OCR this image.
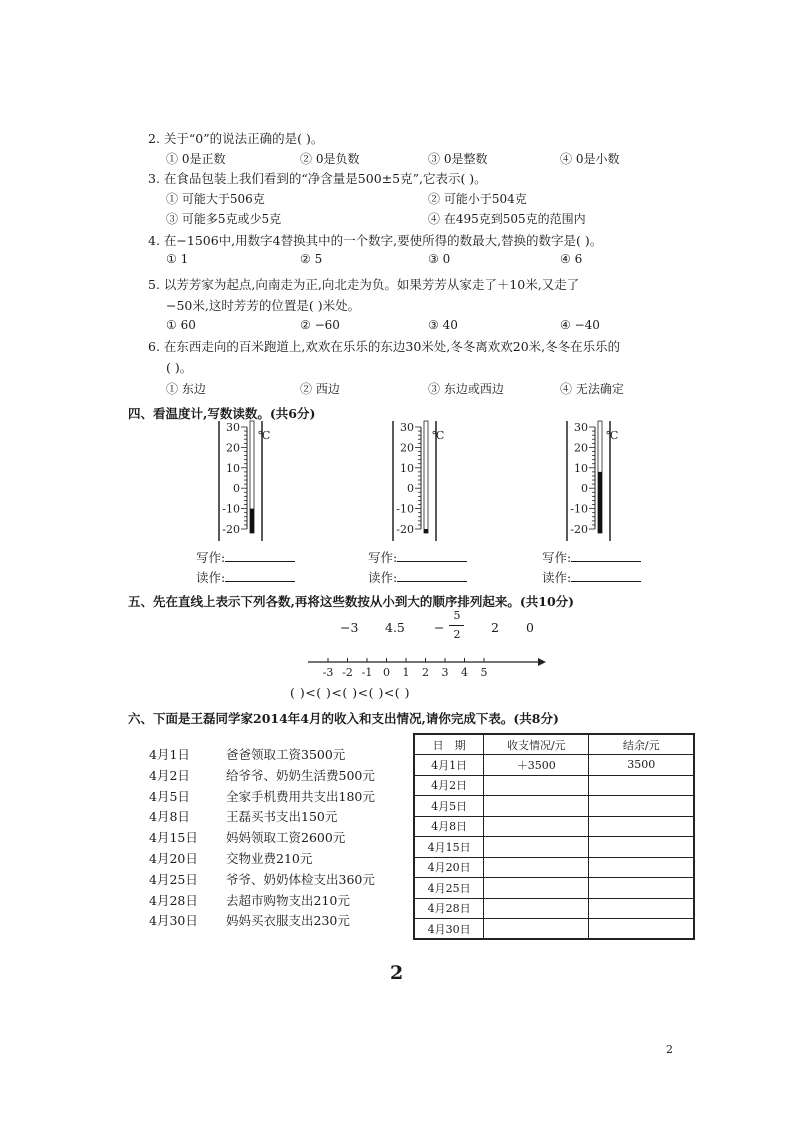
2. 关于“0”的说法正确的是( )。
① 0是正数	② 0是负数	③ 0是整数	④ 0是小数
3. 在食品包装上我们看到的“净含量是500±5克”,它表示( )。
① 可能大于506克	② 可能小于504克
③ 可能多5克或少5克	④ 在495克到505克的范围内
4. 在−1506中,用数字4替换其中的一个数字,要使所得的数最大,替换的数字是( )。
① 1	② 5	③ 0	④ 6
5. 以芳芳家为起点,向南走为正,向北走为负。如果芳芳从家走了＋10米,又走了
−50米,这时芳芳的位置是( )米处。
① 60	② −60	③ 40	④ −40
6. 在东西走向的百米跑道上,欢欢在乐乐的东边30米处,冬冬离欢欢20米,冬冬在乐乐的
( )。
① 东边	② 西边	③ 东边或西边	④ 无法确定
四、看温度计,写数读数。(共6分)
30
20
10
0
-10
-20
℃
30
20
10
0
-10
-20
℃
30
20
10
0
-10
-20
℃
写作:
读作:
写作:
读作:
写作:
读作:
五、先在直线上表示下列各数,再将这些数按从小到大的顺序排列起来。(共10分)
−3 4.5 −
5
2 2 0
-3 -2 -1 0 1 2 3 4 5
( )<( )<( )<( )<( )
六、下面是王磊同学家2014年4月的收入和支出情况,请你完成下表。(共8分)
4月1日	爸爸领取工资3500元
4月2日	给爷爷、奶奶生活费500元
4月5日	全家手机费用共支出180元
4月8日	王磊买书支出150元
4月15日 妈妈领取工资2600元
4月20日 交物业费210元
4月25日 爷爷、奶奶体检支出360元
4月28日 去超市购物支出210元
4月30日 妈妈买衣服支出230元
日　期	收支情况/元	结余/元
4月1日	＋3500	3500
4月2日		
4月5日		
4月8日		
4月15日		
4月20日		
4月25日		
4月28日		
4月30日		
2
2
